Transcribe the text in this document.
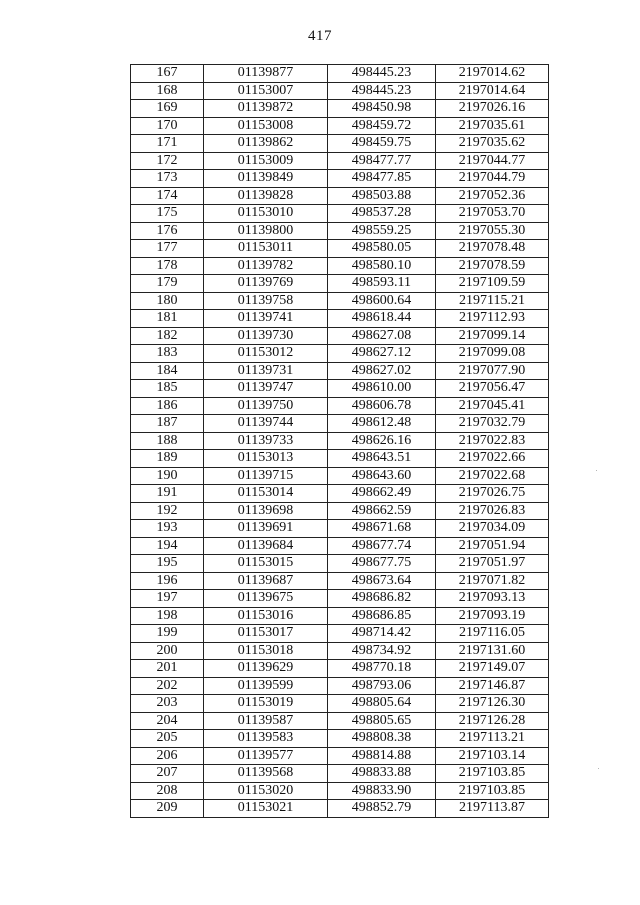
417
167	01139877	498445.23	2197014.62
168	01153007	498445.23	2197014.64
169	01139872	498450.98	2197026.16
170	01153008	498459.72	2197035.61
171	01139862	498459.75	2197035.62
172	01153009	498477.77	2197044.77
173	01139849	498477.85	2197044.79
174	01139828	498503.88	2197052.36
175	01153010	498537.28	2197053.70
176	01139800	498559.25	2197055.30
177	01153011	498580.05	2197078.48
178	01139782	498580.10	2197078.59
179	01139769	498593.11	2197109.59
180	01139758	498600.64	2197115.21
181	01139741	498618.44	2197112.93
182	01139730	498627.08	2197099.14
183	01153012	498627.12	2197099.08
184	01139731	498627.02	2197077.90
185	01139747	498610.00	2197056.47
186	01139750	498606.78	2197045.41
187	01139744	498612.48	2197032.79
188	01139733	498626.16	2197022.83
189	01153013	498643.51	2197022.66
190	01139715	498643.60	2197022.68
191	01153014	498662.49	2197026.75
192	01139698	498662.59	2197026.83
193	01139691	498671.68	2197034.09
194	01139684	498677.74	2197051.94
195	01153015	498677.75	2197051.97
196	01139687	498673.64	2197071.82
197	01139675	498686.82	2197093.13
198	01153016	498686.85	2197093.19
199	01153017	498714.42	2197116.05
200	01153018	498734.92	2197131.60
201	01139629	498770.18	2197149.07
202	01139599	498793.06	2197146.87
203	01153019	498805.64	2197126.30
204	01139587	498805.65	2197126.28
205	01139583	498808.38	2197113.21
206	01139577	498814.88	2197103.14
207	01139568	498833.88	2197103.85
208	01153020	498833.90	2197103.85
209	01153021	498852.79	2197113.87
